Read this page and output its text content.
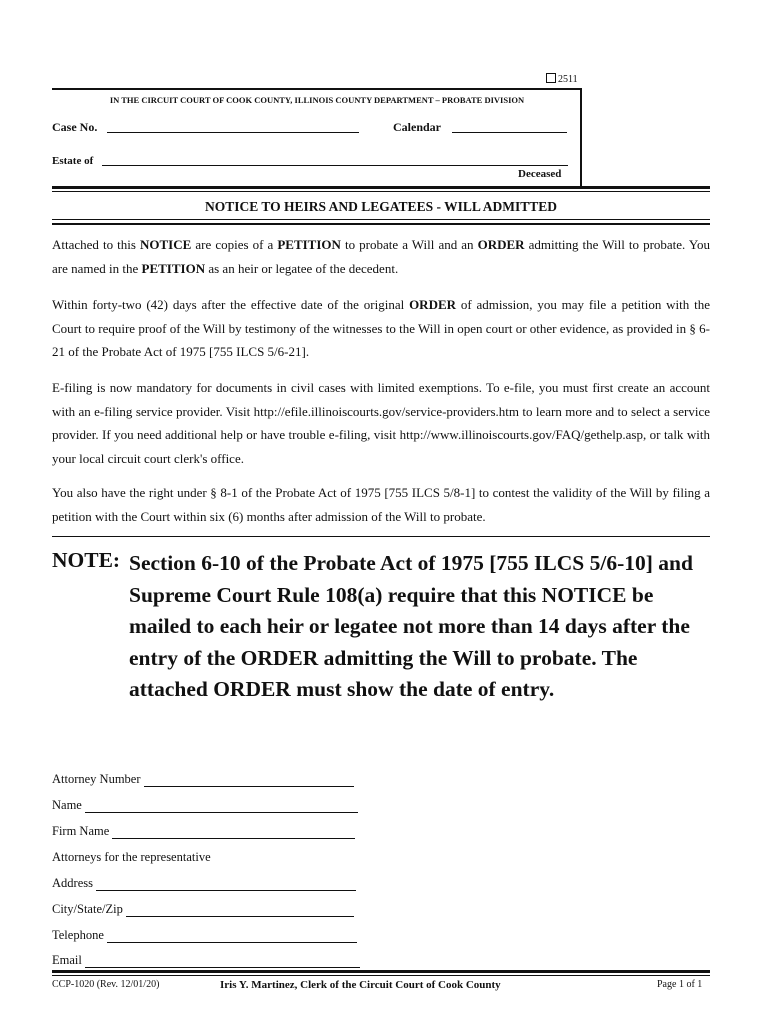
2511
IN THE CIRCUIT COURT OF COOK COUNTY, ILLINOIS COUNTY DEPARTMENT – PROBATE DIVISION
Case No.	Calendar
Estate of
Deceased
NOTICE TO HEIRS AND LEGATEES - WILL ADMITTED
Attached to this NOTICE are copies of a PETITION to probate a Will and an ORDER admitting the Will to probate. You are named in the PETITION as an heir or legatee of the decedent.
Within forty-two (42) days after the effective date of the original ORDER of admission, you may file a petition with the Court to require proof of the Will by testimony of the witnesses to the Will in open court or other evidence, as provided in § 6-21 of the Probate Act of 1975 [755 ILCS 5/6-21].
E-filing is now mandatory for documents in civil cases with limited exemptions. To e-file, you must first create an account with an e-filing service provider. Visit http://efile.illinoiscourts.gov/service-providers.htm to learn more and to select a service provider. If you need additional help or have trouble e-filing, visit http://www.illinoiscourts.gov/FAQ/gethelp.asp, or talk with your local circuit court clerk's office.
You also have the right under § 8-1 of the Probate Act of 1975 [755 ILCS 5/8-1] to contest the validity of the Will by filing a petition with the Court within six (6) months after admission of the Will to probate.
NOTE: Section 6-10 of the Probate Act of 1975 [755 ILCS 5/6-10] and Supreme Court Rule 108(a) require that this NOTICE be mailed to each heir or legatee not more than 14 days after the entry of the ORDER admitting the Will to probate. The attached ORDER must show the date of entry.
Attorney Number
Name
Firm Name
Attorneys for the representative
Address
City/State/Zip
Telephone
Email
CCP-1020 (Rev. 12/01/20)	Iris Y. Martinez, Clerk of the Circuit Court of Cook County	Page 1 of 1
